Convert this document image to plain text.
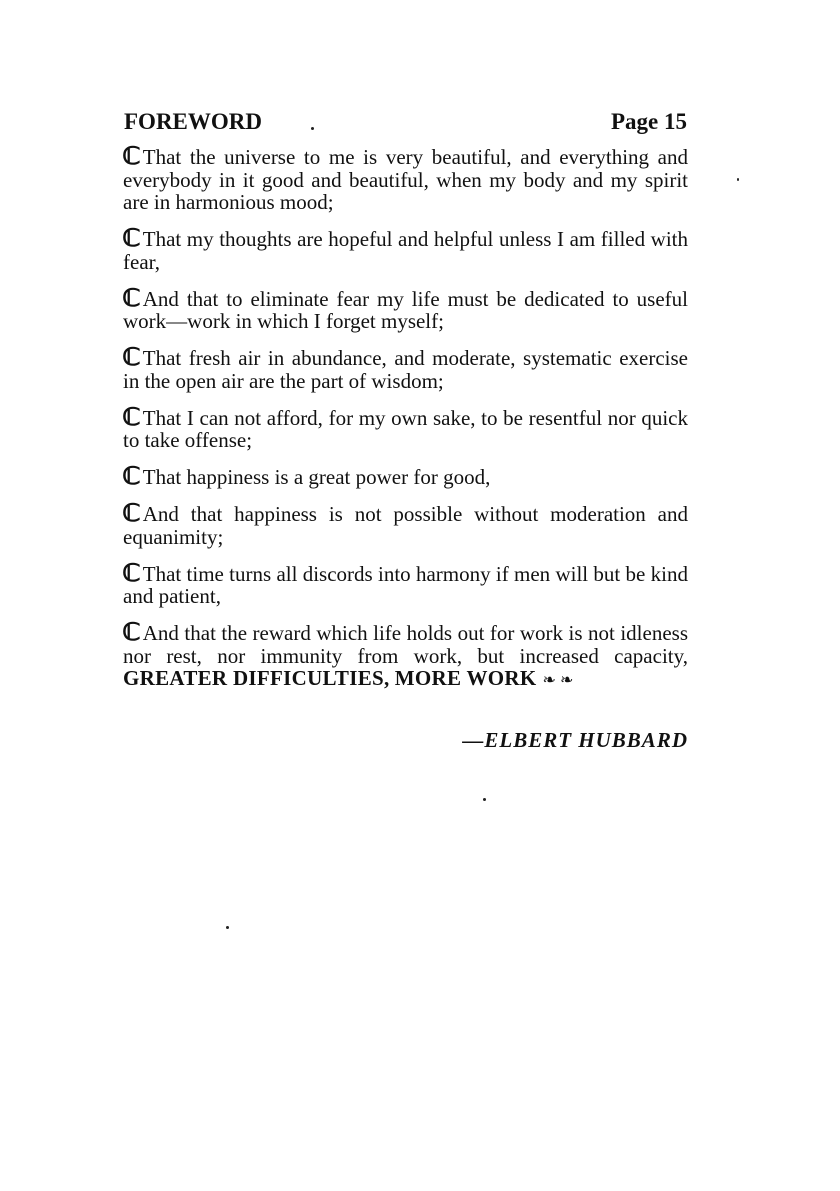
FOREWORD	Page 15

ℂ That the universe to me is very beautiful, and everything and everybody in it good and beautiful, when my body and my spirit are in harmonious mood;

ℂ That my thoughts are hopeful and helpful unless I am filled with fear,

ℂ And that to eliminate fear my life must be dedicated to useful work—work in which I forget myself;

ℂ That fresh air in abundance, and moderate, systematic exercise in the open air are the part of wisdom;

ℂ That I can not afford, for my own sake, to be resentful nor quick to take offense;

ℂ That happiness is a great power for good,

ℂ And that happiness is not possible without moderation and equanimity;

ℂ That time turns all discords into harmony if men will but be kind and patient,

ℂ And that the reward which life holds out for work is not idleness nor rest, nor immunity from work, but increased capacity, GREATER DIFFICULTIES, MORE WORK ❧ ❧

—ELBERT HUBBARD
